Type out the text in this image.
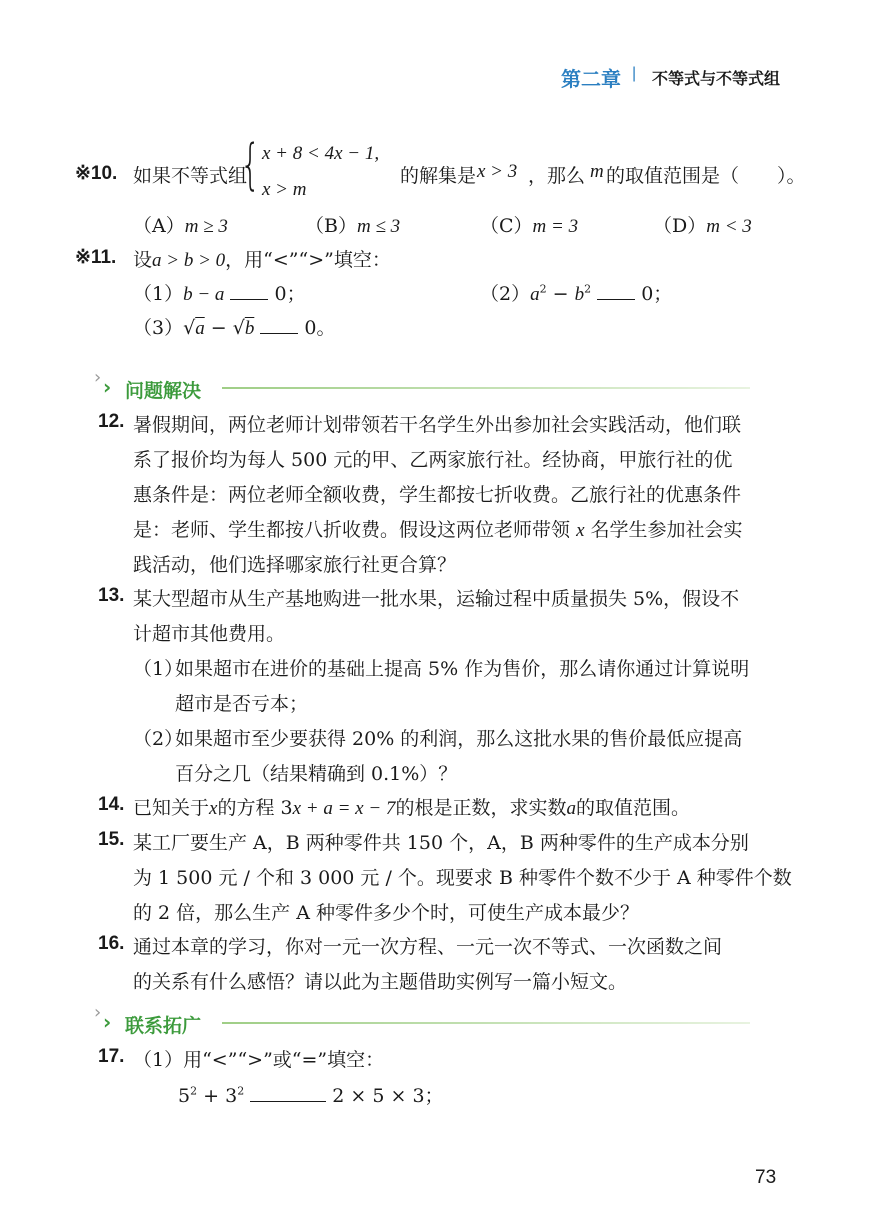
第二章 | 不等式与不等式组
※10. 如果不等式组
{ x + 8 < 4x − 1,
x > m
的解集是 x > 3 ，那么 m 的取值范围是（　　）。
（A）m ≥ 3	（B）m ≤ 3	（C）m = 3	（D）m < 3
※11. 设a > b > 0，用“<”“>”填空：
（1）b − a	0；	$(2)a^2 - b^2$	0；
（3）√a − √b	0。
› › 问题解决
12. 暑假期间，两位老师计划带领若干名学生外出参加社会实践活动，他们联
系了报价均为每人 500 元的甲、乙两家旅行社。经协商，甲旅行社的优
惠条件是：两位老师全额收费，学生都按七折收费。乙旅行社的优惠条件
是：老师、学生都按八折收费。假设这两位老师带领 x 名学生参加社会实
践活动，他们选择哪家旅行社更合算？
13. 某大型超市从生产基地购进一批水果，运输过程中质量损失 5%，假设不
计超市其他费用。
（1）
如果超市在进价的基础上提高 5% 作为售价，那么请你通过计算说明
超市是否亏本；
（2）
如果超市至少要获得 20% 的利润，那么这批水果的售价最低应提高
百分之几（结果精确到 0.1%）？
14. 已知关于x的方程 3x + a = x − 7的根是正数，求实数a的取值范围。
15. 某工厂要生产 A，B 两种零件共 150 个，A，B 两种零件的生产成本分别
为 1 500 元 / 个和 3 000 元 / 个。现要求 B 种零件个数不少于 A 种零件个数
的 2 倍，那么生产 A 种零件多少个时，可使生产成本最少？
16. 通过本章的学习，你对一元一次方程、一元一次不等式、一次函数之间
的关系有什么感悟？请以此为主题借助实例写一篇小短文。
› › 联系拓广
17. （1）用“<”“>”或“=”填空：
$5^2 + 3^2$	2 × 5 × 3；
73
